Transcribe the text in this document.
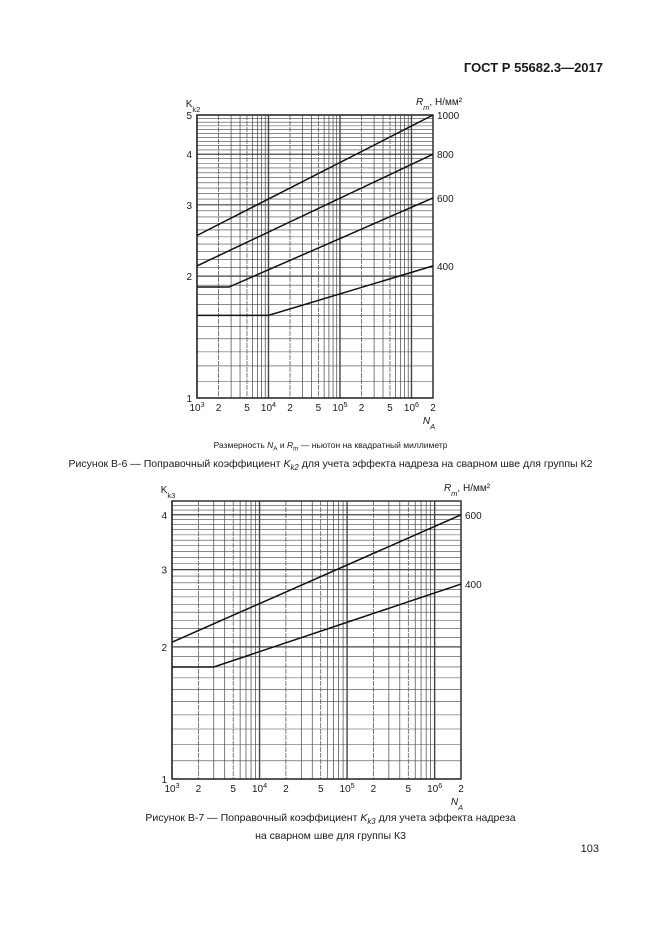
ГОСТ Р 55682.3—2017
$10^3$ 2 5 $10^4$ 2 5 $10^5$ 2 5 $10^6$ 2
1
2
3
4
5
$K_{k2}$
$N_A$
$R_m$, Н/мм²
1000
800
600
400
Размерность $N_A$ и $R_m$ — ньютон на квадратный миллиметр
Рисунок В-6 — Поправочный коэффициент $K_{k2}$ для учета эффекта надреза на сварном шве для группы К2
$10^3$ 2	5 $10^4$ 2	5 $10^5$ 2	5 $10^6$ 2
1
2
3
4
$K_{k3}$
$N_A$
$R_m$, Н/мм²
600
400
Рисунок В-7 — Поправочный коэффициент $K_{k3}$ для учета эффекта надреза
на сварном шве для группы К3
103
